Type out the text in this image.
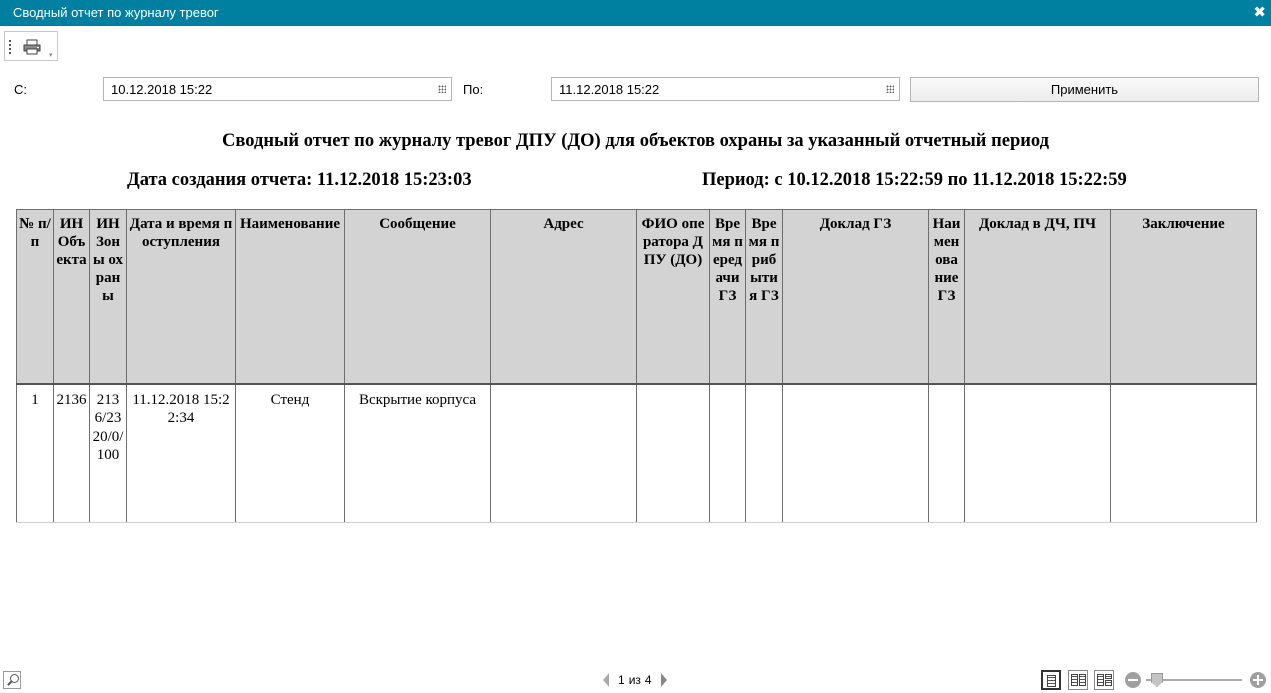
Сводный отчет по журналу тревог	✖
▾
С:	10.12.2018 15:22	По:	11.12.2018 15:22	Применить
Сводный отчет по журналу тревог ДПУ (ДО) для объектов охраны за указанный отчетный период
Дата создания отчета: 11.12.2018 15:23:03	Период: с 10.12.2018 15:22:59 по 11.12.2018 15:22:59
№ п/п	ИН Объекта	ИН Зоны охраны	Дата и время поступления	Наименование	Сообщение	Адрес	ФИО оператора ДПУ (ДО)	Время передачи ГЗ	Время прибытия ГЗ	Доклад ГЗ	Наименование ГЗ	Доклад в ДЧ, ПЧ	Заключение
1	2136	2136/2320/0/100	11.12.2018 15:22:34	Стенд	Вскрытие корпуса								
1 из 4
